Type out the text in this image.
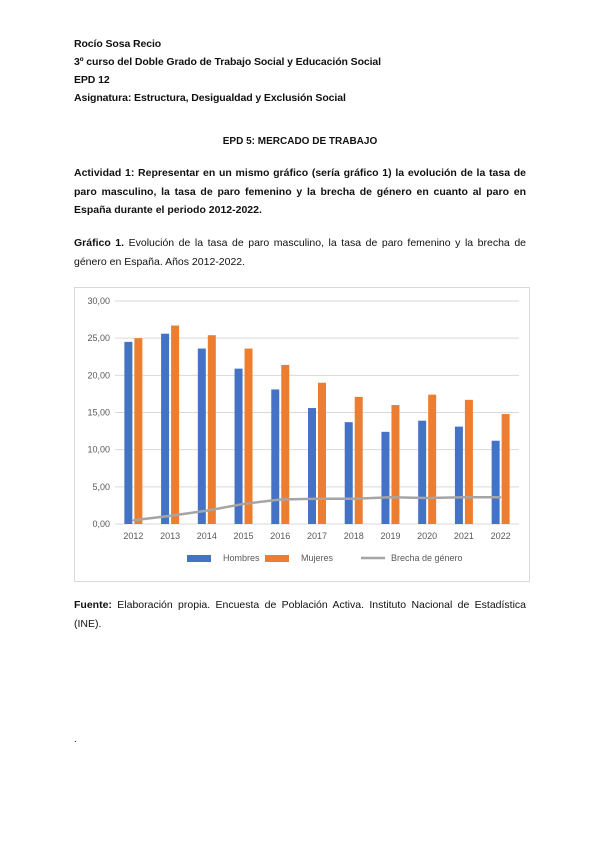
Rocío Sosa Recio
3º curso del Doble Grado de Trabajo Social y Educación Social
EPD 12
Asignatura: Estructura, Desigualdad y Exclusión Social
EPD 5: MERCADO DE TRABAJO
Actividad 1: Representar en un mismo gráfico (sería gráfico 1) la evolución de la tasa de paro masculino, la tasa de paro femenino y la brecha de género en cuanto al paro en España durante el periodo 2012-2022.
Gráfico 1. Evolución de la tasa de paro masculino, la tasa de paro femenino y la brecha de género en España. Años 2012-2022.
0,00
5,00
10,00
15,00
20,00
25,00
30,00
2012 2013 2014 2015 2016 2017 2018 2019 2020 2021 2022
Hombres	Mujeres	Brecha de género
Fuente: Elaboración propia. Encuesta de Población Activa. Instituto Nacional de Estadística (INE).
.
